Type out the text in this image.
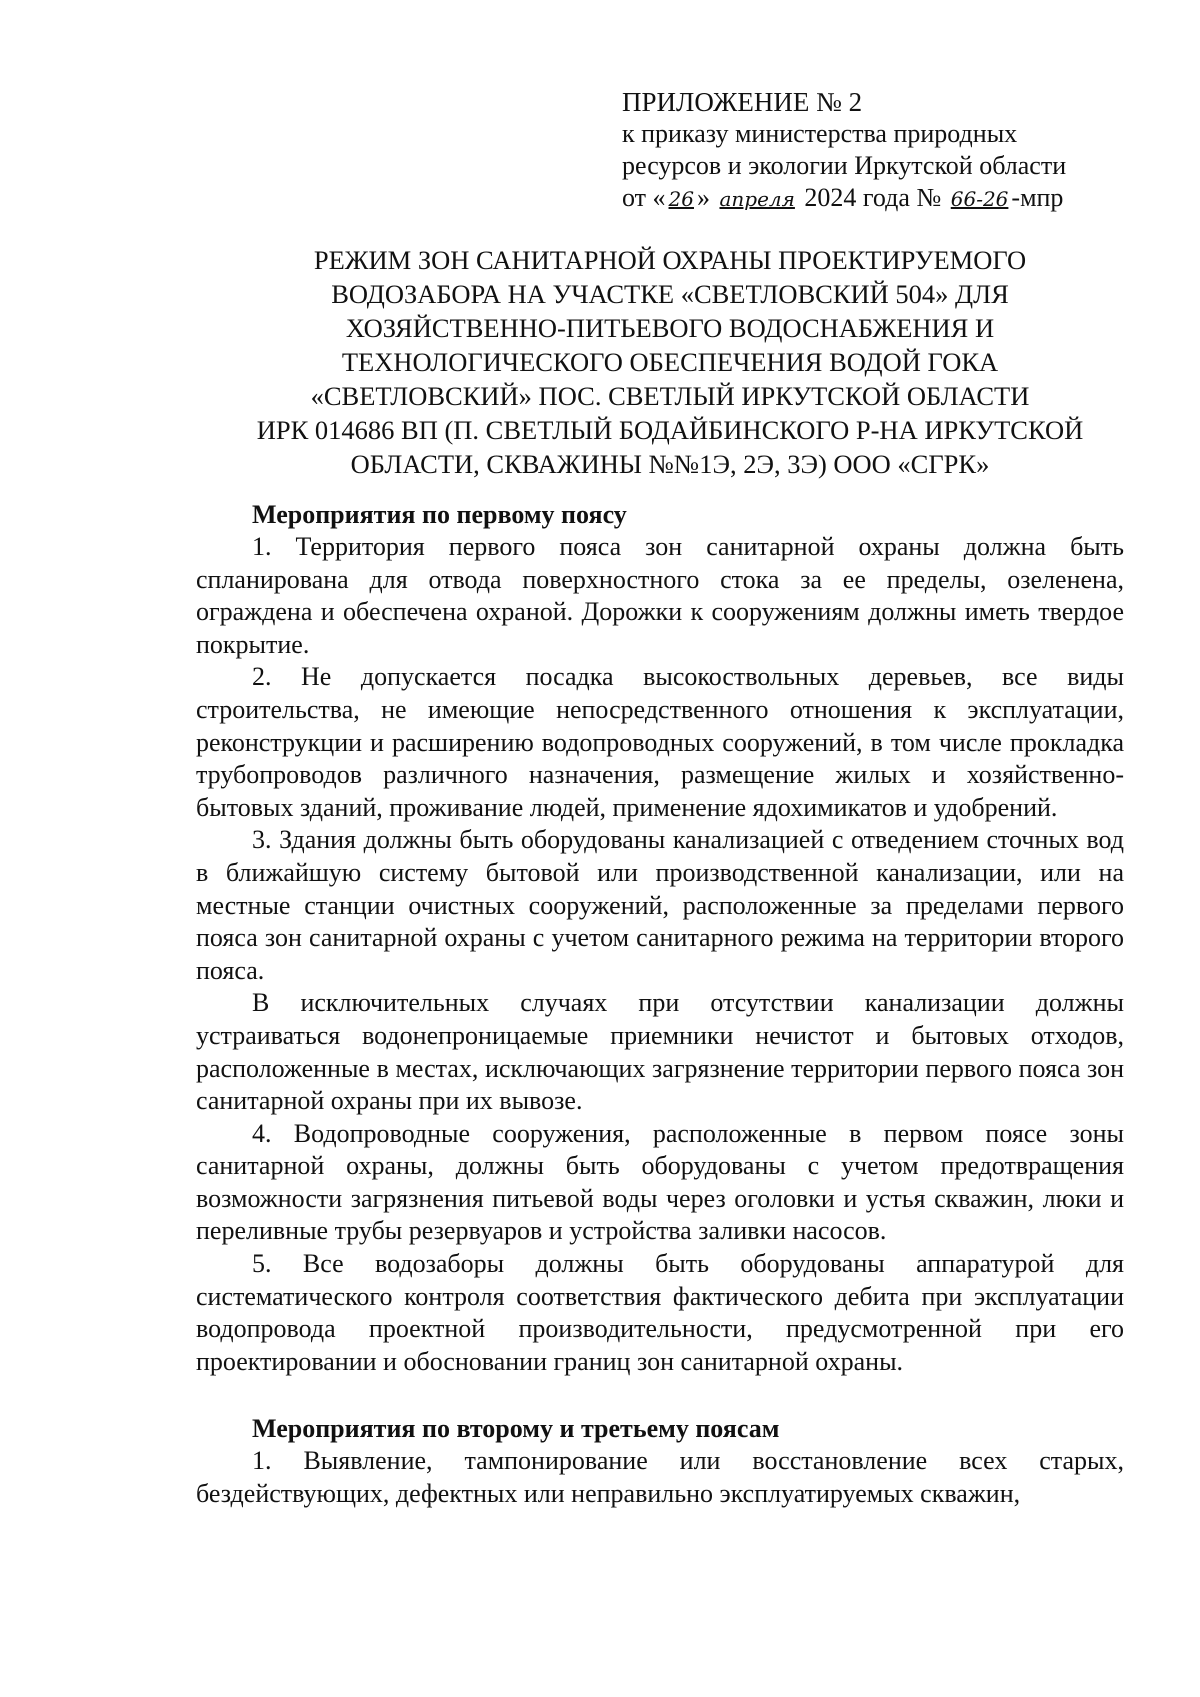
ПРИЛОЖЕНИЕ № 2
к приказу министерства природных
ресурсов и экологии Иркутской области
от « 26 » апреля 2024 года № 66-26 -мпр
РЕЖИМ ЗОН САНИТАРНОЙ ОХРАНЫ ПРОЕКТИРУЕМОГО
ВОДОЗАБОРА НА УЧАСТКЕ «СВЕТЛОВСКИЙ 504» ДЛЯ
ХОЗЯЙСТВЕННО-ПИТЬЕВОГО ВОДОСНАБЖЕНИЯ И
ТЕХНОЛОГИЧЕСКОГО ОБЕСПЕЧЕНИЯ ВОДОЙ ГОКА
«СВЕТЛОВСКИЙ» ПОС. СВЕТЛЫЙ ИРКУТСКОЙ ОБЛАСТИ
ИРК 014686 ВП (П. СВЕТЛЫЙ БОДАЙБИНСКОГО Р-НА ИРКУТСКОЙ
ОБЛАСТИ, СКВАЖИНЫ №№1Э, 2Э, 3Э) ООО «СГРК»
Мероприятия по первому поясу

1. Территория первого пояса зон санитарной охраны должна быть спланирована для отвода поверхностного стока за ее пределы, озеленена, ограждена и обеспечена охраной. Дорожки к сооружениям должны иметь твердое покрытие.

2. Не допускается посадка высокоствольных деревьев, все виды строительства, не имеющие непосредственного отношения к эксплуатации, реконструкции и расширению водопроводных сооружений, в том числе прокладка трубопроводов различного назначения, размещение жилых и хозяйственно-бытовых зданий, проживание людей, применение ядохимикатов и удобрений.

3. Здания должны быть оборудованы канализацией с отведением сточных вод в ближайшую систему бытовой или производственной канализации, или на местные станции очистных сооружений, расположенные за пределами первого пояса зон санитарной охраны с учетом санитарного режима на территории второго пояса.

В исключительных случаях при отсутствии канализации должны устраиваться водонепроницаемые приемники нечистот и бытовых отходов, расположенные в местах, исключающих загрязнение территории первого пояса зон санитарной охраны при их вывозе.

4. Водопроводные сооружения, расположенные в первом поясе зоны санитарной охраны, должны быть оборудованы с учетом предотвращения возможности загрязнения питьевой воды через оголовки и устья скважин, люки и переливные трубы резервуаров и устройства заливки насосов.

5. Все водозаборы должны быть оборудованы аппаратурой для систематического контроля соответствия фактического дебита при эксплуатации водопровода проектной производительности, предусмотренной при его проектировании и обосновании границ зон санитарной охраны.

Мероприятия по второму и третьему поясам

1. Выявление, тампонирование или восстановление всех старых, бездействующих, дефектных или неправильно эксплуатируемых скважин,
